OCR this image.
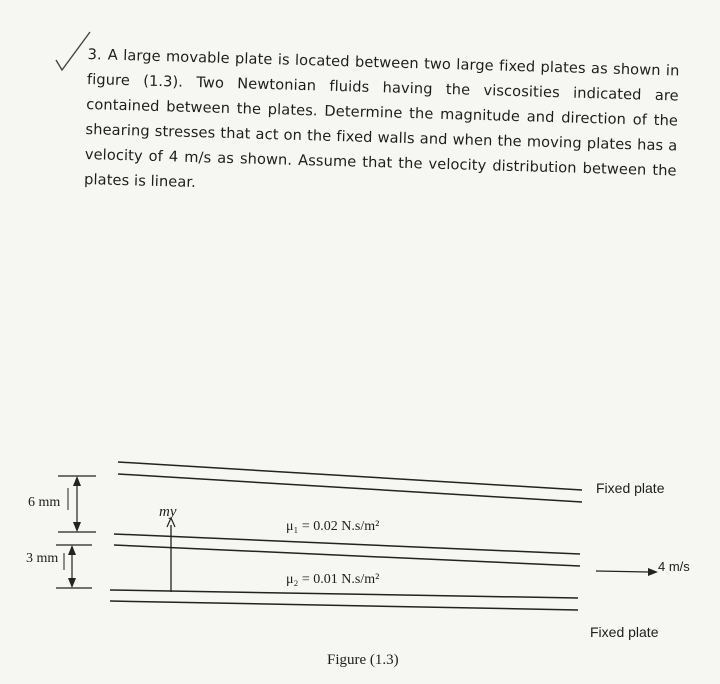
3. A large movable plate is located between two large fixed plates as shown in figure (1.3). Two Newtonian fluids having the viscosities indicated are contained between the plates. Determine the magnitude and direction of the shearing stresses that act on the fixed walls and when the moving plates has a velocity of 4 m/s as shown. Assume that the velocity distribution between the plates is linear.
Fixed plate
Fixed plate
4 m/s
6 mm
3 mm
μ₁ = 0.02 N.s/m²
μ₂ = 0.01 N.s/m²
my
Figure (1.3)
